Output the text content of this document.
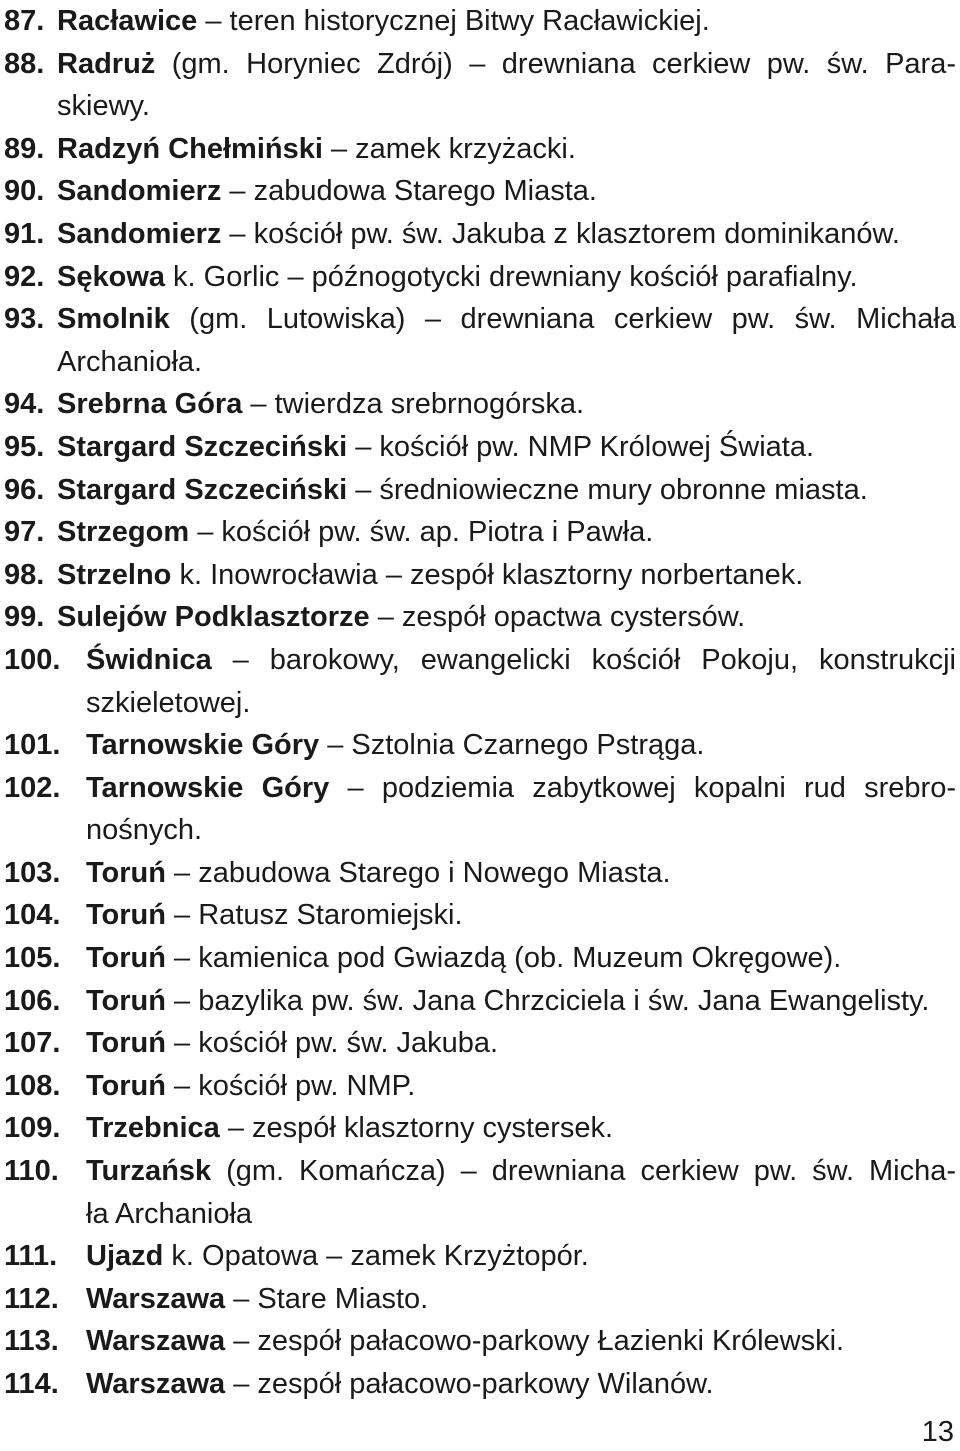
87. Racławice – teren historycznej Bitwy Racławickiej.
88. Radruż (gm. Horyniec Zdrój) – drewniana cerkiew pw. św. Para-
skiewy.
89. Radzyń Chełmiński – zamek krzyżacki.
90. Sandomierz – zabudowa Starego Miasta.
91. Sandomierz – kościół pw. św. Jakuba z klasztorem dominikanów.
92. Sękowa k. Gorlic – późnogotycki drewniany kościół parafialny.
93. Smolnik (gm. Lutowiska) – drewniana cerkiew pw. św. Michała
Archanioła.
94. Srebrna Góra – twierdza srebrnogórska.
95. Stargard Szczeciński – kościół pw. NMP Królowej Świata.
96. Stargard Szczeciński – średniowieczne mury obronne miasta.
97. Strzegom – kościół pw. św. ap. Piotra i Pawła.
98. Strzelno k. Inowrocławia – zespół klasztorny norbertanek.
99. Sulejów Podklasztorze – zespół opactwa cystersów.
100. Świdnica – barokowy, ewangelicki kościół Pokoju, konstrukcji
szkieletowej.
101. Tarnowskie Góry – Sztolnia Czarnego Pstrąga.
102. Tarnowskie Góry – podziemia zabytkowej kopalni rud srebro-
nośnych.
103. Toruń – zabudowa Starego i Nowego Miasta.
104. Toruń – Ratusz Staromiejski.
105. Toruń – kamienica pod Gwiazdą (ob. Muzeum Okręgowe).
106. Toruń – bazylika pw. św. Jana Chrzciciela i św. Jana Ewangelisty.
107. Toruń – kościół pw. św. Jakuba.
108. Toruń – kościół pw. NMP.
109. Trzebnica – zespół klasztorny cystersek.
110. Turzańsk (gm. Komańcza) – drewniana cerkiew pw. św. Micha-
ła Archanioła
111. Ujazd k. Opatowa – zamek Krzyżtopór.
112. Warszawa – Stare Miasto.
113. Warszawa – zespół pałacowo-parkowy Łazienki Królewski.
114. Warszawa – zespół pałacowo-parkowy Wilanów.
13
